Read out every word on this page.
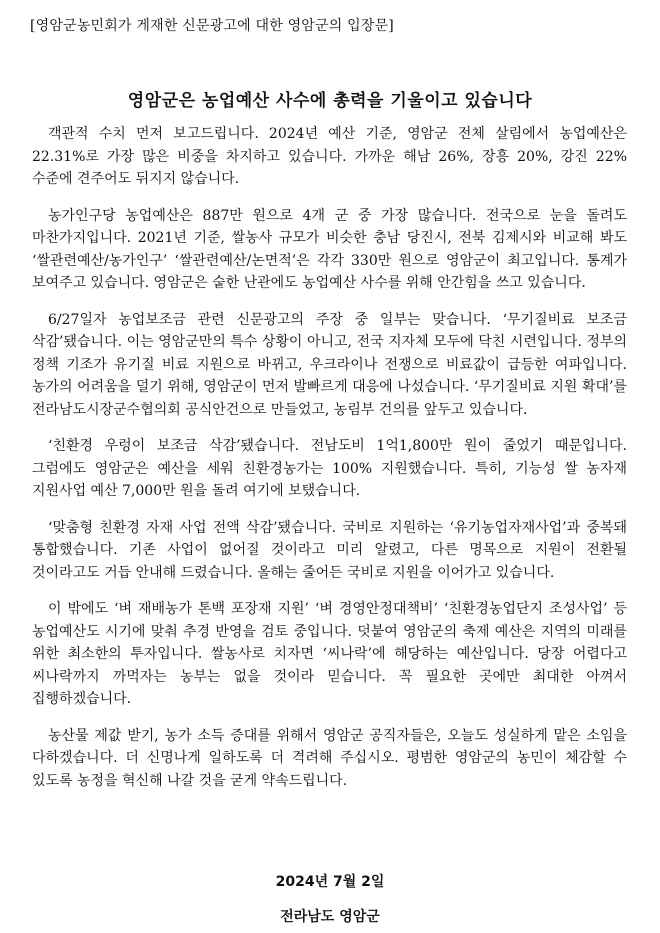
[영암군농민회가 게재한 신문광고에 대한 영암군의 입장문]
영암군은 농업예산 사수에 총력을 기울이고 있습니다

객관적 수치 먼저 보고드립니다. 2024년 예산 기준, 영암군 전체 살림에서 농업예산은 22.31%로 가장 많은 비중을 차지하고 있습니다. 가까운 해남 26%, 장흥 20%, 강진 22% 수준에 견주어도 뒤지지 않습니다.

농가인구당 농업예산은 887만 원으로 4개 군 중 가장 많습니다. 전국으로 눈을 돌려도 마찬가지입니다. 2021년 기준, 쌀농사 규모가 비슷한 충남 당진시, 전북 김제시와 비교해 봐도 ‘쌀관련예산/농가인구’ ‘쌀관련예산/논면적’은 각각 330만 원으로 영암군이 최고입니다. 통계가 보여주고 있습니다. 영암군은 숱한 난관에도 농업예산 사수를 위해 안간힘을 쓰고 있습니다.

6/27일자 농업보조금 관련 신문광고의 주장 중 일부는 맞습니다. ‘무기질비료 보조금 삭감’됐습니다. 이는 영암군만의 특수 상황이 아니고, 전국 지자체 모두에 닥친 시련입니다. 정부의 정책 기조가 유기질 비료 지원으로 바뀌고, 우크라이나 전쟁으로 비료값이 급등한 여파입니다. 농가의 어려움을 덜기 위해, 영암군이 먼저 발빠르게 대응에 나섰습니다. ‘무기질비료 지원 확대’를 전라남도시장군수협의회 공식안건으로 만들었고, 농림부 건의를 앞두고 있습니다.

‘친환경 우렁이 보조금 삭감’됐습니다. 전남도비 1억1,800만 원이 줄었기 때문입니다. 그럼에도 영암군은 예산을 세워 친환경농가는 100% 지원했습니다. 특히, 기능성 쌀 농자재 지원사업 예산 7,000만 원을 돌려 여기에 보탰습니다.

‘맞춤형 친환경 자재 사업 전액 삭감’됐습니다. 국비로 지원하는 ‘유기농업자재사업’과 중복돼 통합했습니다. 기존 사업이 없어질 것이라고 미리 알렸고, 다른 명목으로 지원이 전환될 것이라고도 거듭 안내해 드렸습니다. 올해는 줄어든 국비로 지원을 이어가고 있습니다.

이 밖에도 ‘벼 재배농가 톤백 포장재 지원’ ‘벼 경영안정대책비’ ‘친환경농업단지 조성사업’ 등 농업예산도 시기에 맞춰 추경 반영을 검토 중입니다. 덧붙여 영암군의 축제 예산은 지역의 미래를 위한 최소한의 투자입니다. 쌀농사로 치자면 ‘씨나락’에 해당하는 예산입니다. 당장 어렵다고 씨나락까지 까먹자는 농부는 없을 것이라 믿습니다. 꼭 필요한 곳에만 최대한 아껴서 집행하겠습니다.

농산물 제값 받기, 농가 소득 증대를 위해서 영암군 공직자들은, 오늘도 성실하게 맡은 소임을 다하겠습니다. 더 신명나게 일하도록 더 격려해 주십시오. 평범한 영암군의 농민이 체감할 수 있도록 농정을 혁신해 나갈 것을 굳게 약속드립니다.

2024년 7월 2일
전라남도 영암군
